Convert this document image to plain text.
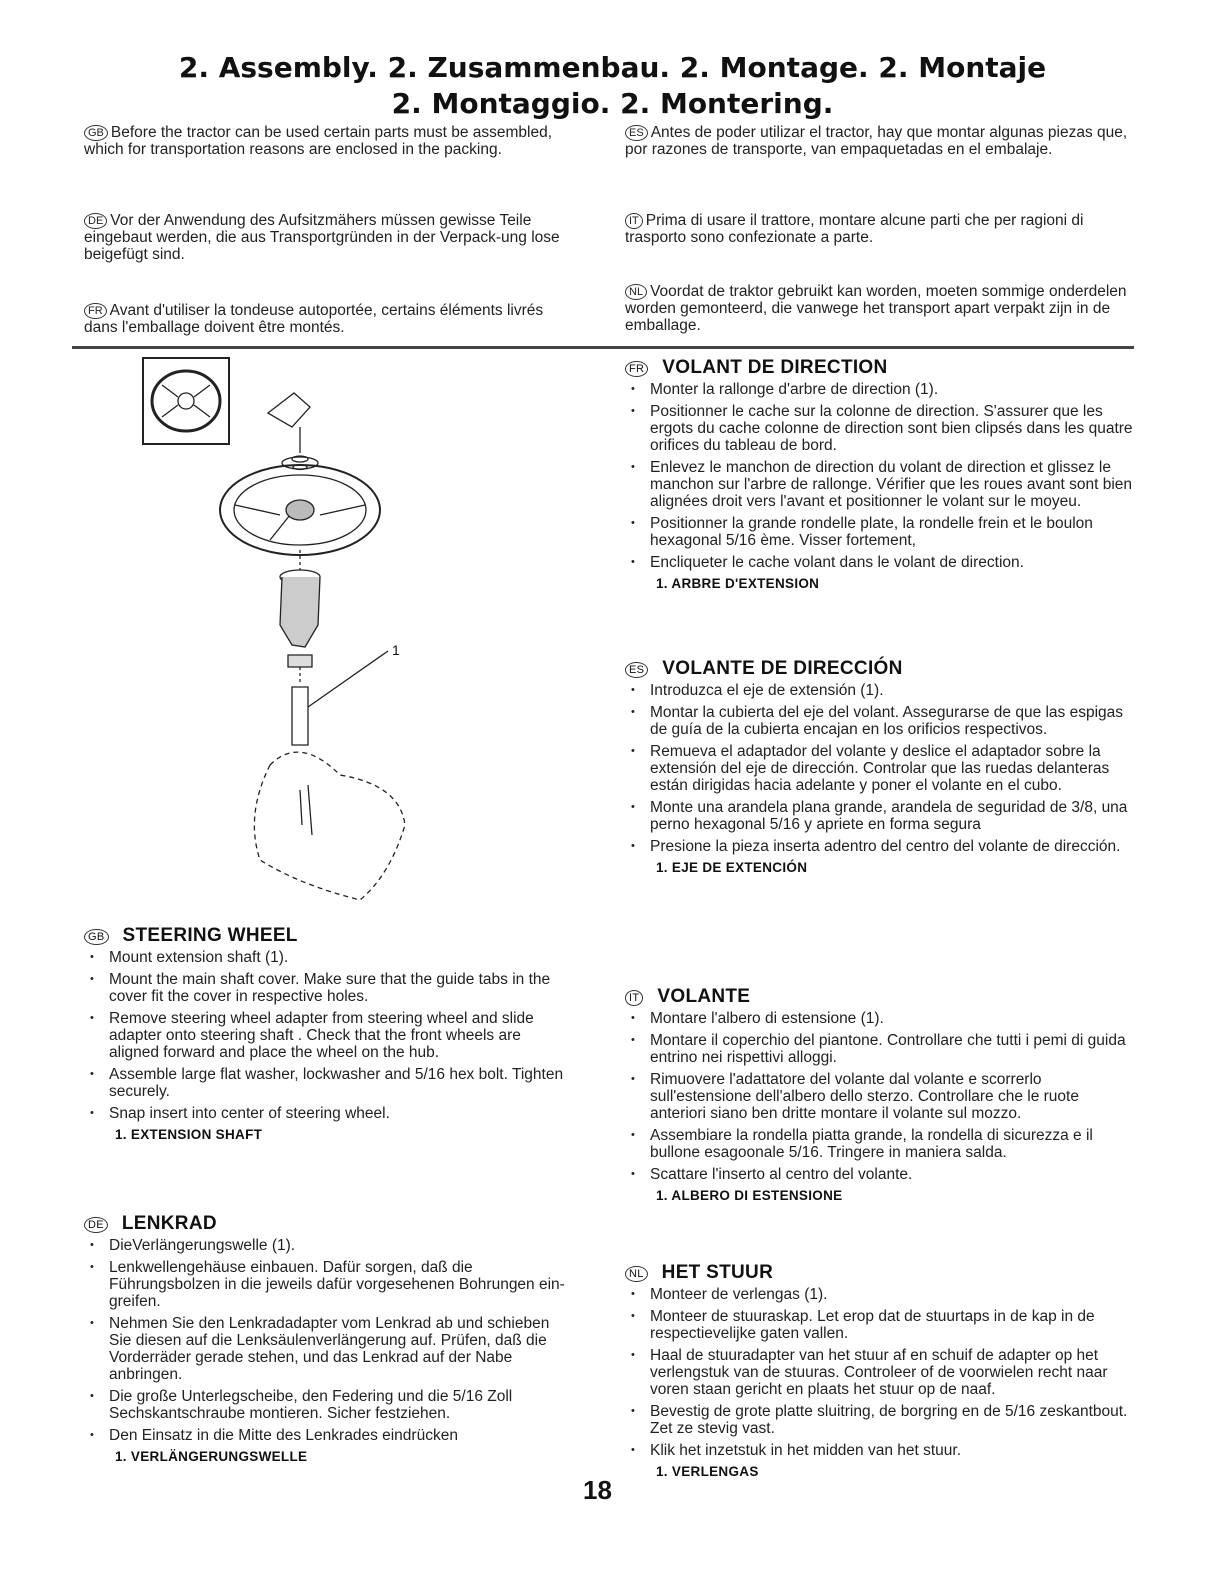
2. Assembly. 2. Zusammenbau. 2. Montage. 2. Montaje
2. Montaggio. 2. Montering.
GB Before the tractor can be used certain parts must be assembled, which for transportation reasons are enclosed in the packing.
DE Vor der Anwendung des Aufsitzmähers müssen gewisse Teile eingebaut werden, die aus Transportgründen in der Verpack-ung lose beigefügt sind.
FR Avant d'utiliser la tondeuse autoportée, certains éléments livrés dans l'emballage doivent être montés.
ES Antes de poder utilizar el tractor, hay que montar algunas piezas que, por razones de transporte, van empaquetadas en el embalaje.
IT Prima di usare il trattore, montare alcune parti che per ragioni di trasporto sono confezionate a parte.
NL Voordat de traktor gebruikt kan worden, moeten sommige onderdelen worden gemonteerd, die vanwege het transport apart verpakt zijn in de emballage.
1
GB STEERING WHEEL
• Mount extension shaft (1).
• Mount the main shaft cover. Make sure that the guide tabs in the cover fit the cover in respective holes.
• Remove steering wheel adapter from steering wheel and slide adapter onto steering shaft . Check that the front wheels are aligned forward and place the wheel on the hub.
• Assemble large flat washer, lockwasher and 5/16 hex bolt. Tighten securely.
• Snap insert into center of steering wheel.
1. EXTENSION SHAFT
DE LENKRAD
• DieVerlängerungswelle (1).
• Lenkwellengehäuse einbauen. Dafür sorgen, daß die Führungsbolzen in die jeweils dafür vorgesehenen Bohrungen ein- greifen.
• Nehmen Sie den Lenkradadapter vom Lenkrad ab und schieben Sie diesen auf die Lenksäulenverlängerung auf. Prüfen, daß die Vorderräder gerade stehen, und das Lenkrad auf der Nabe anbringen.
• Die große Unterlegscheibe, den Federing und die 5/16 Zoll Sechskantschraube montieren. Sicher festziehen.
• Den Einsatz in die Mitte des Lenkrades eindrücken
1. VERLÄNGERUNGSWELLE
FR VOLANT DE DIRECTION
• Monter la rallonge d'arbre de direction (1).
• Positionner le cache sur la colonne de direction. S'assurer que les ergots du cache colonne de direction sont bien clipsés dans les quatre orifices du tableau de bord.
• Enlevez le manchon de direction du volant de direction et glissez le manchon sur l'arbre de rallonge. Vérifier que les roues avant sont bien alignées droit vers l'avant et positionner le volant sur le moyeu.
• Positionner la grande rondelle plate, la rondelle frein et le boulon hexagonal 5/16 ème. Visser fortement,
• Encliqueter le cache volant dans le volant de direction.
1. ARBRE D'EXTENSION
ES VOLANTE DE DIRECCIÓN
• Introduzca el eje de extensión (1).
• Montar la cubierta del eje del volant. Assegurarse de que las espigas de guía de la cubierta encajan en los orificios respectivos.
• Remueva el adaptador del volante y deslice el adaptador sobre la extensión del eje de dirección. Controlar que las ruedas delanteras están dirigidas hacia adelante y poner el volante en el cubo.
• Monte una arandela plana grande, arandela de seguridad de 3/8, una perno hexagonal 5/16 y apriete en forma segura
• Presione la pieza inserta adentro del centro del volante de dirección.
1. EJE DE EXTENCIÓN
IT VOLANTE
• Montare l'albero di estensione (1).
• Montare il coperchio del piantone. Controllare che tutti i pemi di guida entrino nei rispettivi alloggi.
• Rimuovere l'adattatore del volante dal volante e scorrerlo sull'estensione dell'albero dello sterzo. Controllare che le ruote anteriori siano ben dritte montare il volante sul mozzo.
• Assembiare la rondella piatta grande, la rondella di sicurezza e il bullone esagoonale 5/16. Tringere in maniera salda.
• Scattare l'inserto al centro del volante.
1. ALBERO DI ESTENSIONE
NL HET STUUR
• Monteer de verlengas (1).
• Monteer de stuuraskap. Let erop dat de stuurtaps in de kap in de respectievelijke gaten vallen.
• Haal de stuuradapter van het stuur af en schuif de adapter op het verlengstuk van de stuuras. Controleer of de voorwielen recht naar voren staan gericht en plaats het stuur op de naaf.
• Bevestig de grote platte sluitring, de borgring en de 5/16 zeskantbout. Zet ze stevig vast.
• Klik het inzetstuk in het midden van het stuur.
1. VERLENGAS
18
